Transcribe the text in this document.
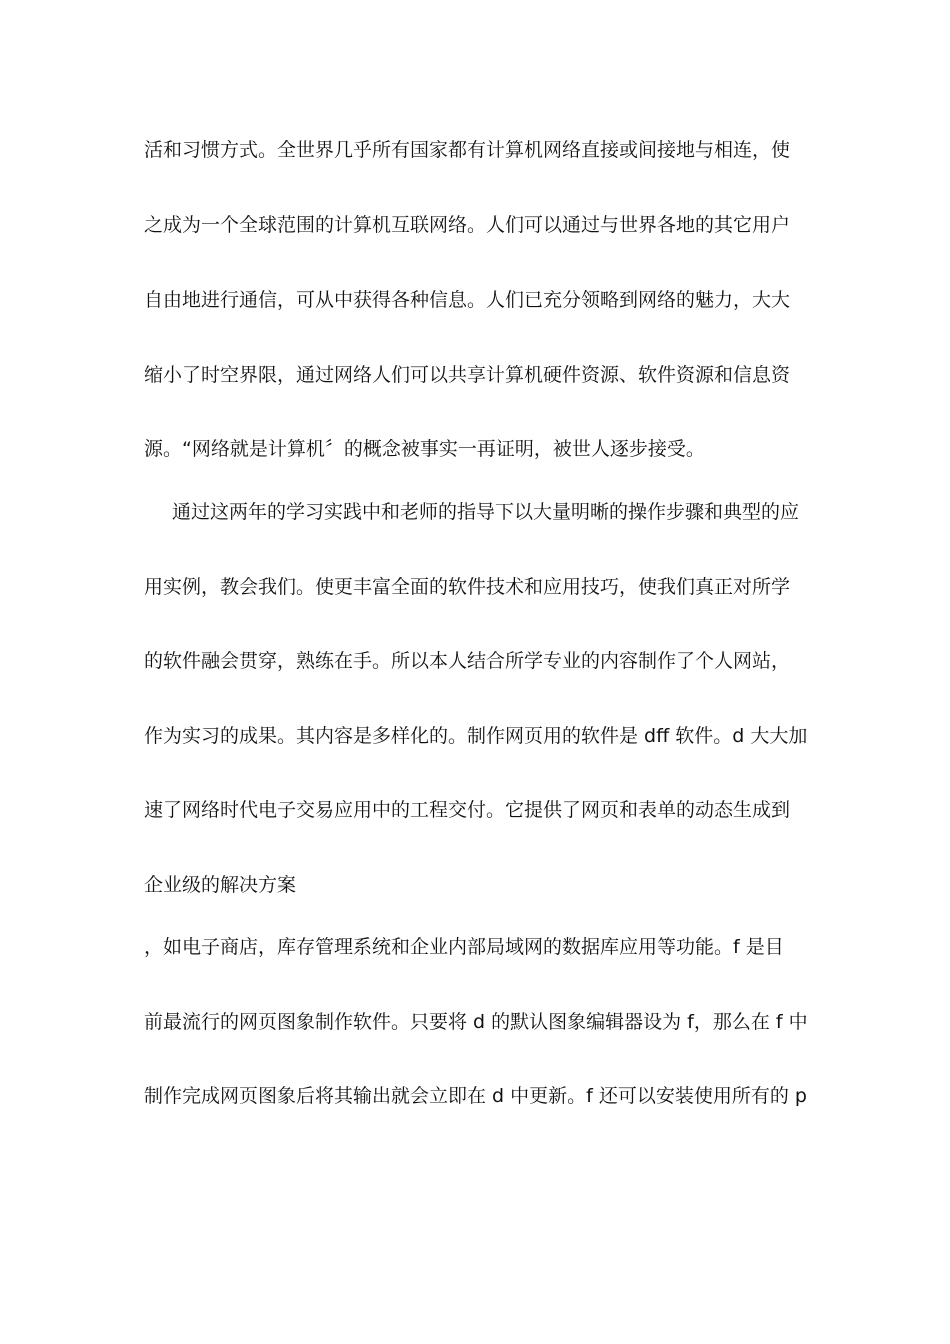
活和习惯方式。全世界几乎所有国家都有计算机网络直接或间接地与相连，使
之成为一个全球范围的计算机互联网络。人们可以通过与世界各地的其它用户
自由地进行通信，可从中获得各种信息。人们已充分领略到网络的魅力，大大
缩小了时空界限，通过网络人们可以共享计算机硬件资源、软件资源和信息资
源。“网络就是计算机〞的概念被事实一再证明，被世人逐步接受。
通过这两年的学习实践中和老师的指导下以大量明晰的操作步骤和典型的应
用实例，教会我们。使更丰富全面的软件技术和应用技巧，使我们真正对所学
的软件融会贯穿，熟练在手。所以本人结合所学专业的内容制作了个人网站，
作为实习的成果。其内容是多样化的。制作网页用的软件是 dff 软件。d 大大加
速了网络时代电子交易应用中的工程交付。它提供了网页和表单的动态生成到
企业级的解决方案
，如电子商店，库存管理系统和企业内部局域网的数据库应用等功能。f 是目
前最流行的网页图象制作软件。只要将 d 的默认图象编辑器设为 f，那么在 f 中
制作完成网页图象后将其输出就会立即在 d 中更新。f 还可以安装使用所有的 p
